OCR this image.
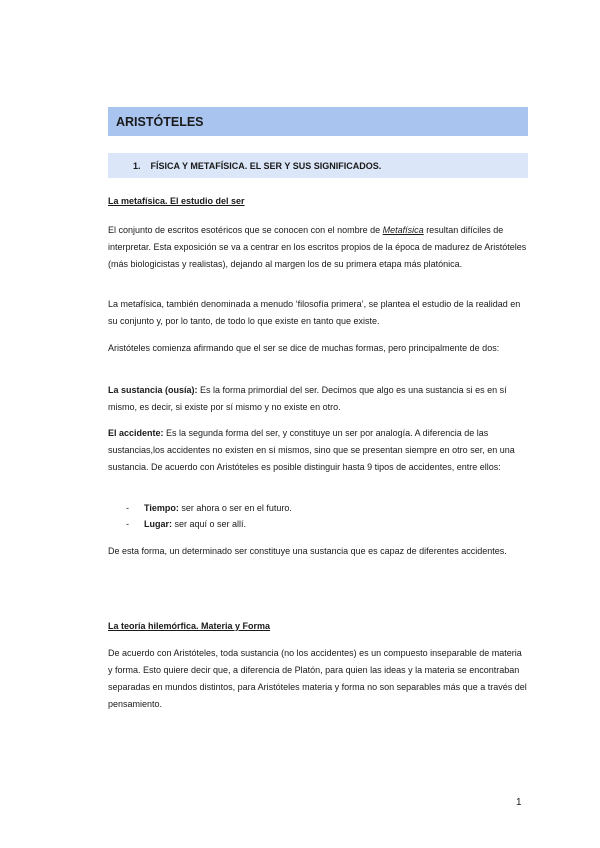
ARISTÓTELES
1. FÍSICA Y METAFÍSICA. EL SER Y SUS SIGNIFICADOS.
La metafísica. El estudio del ser
El conjunto de escritos esotéricos que se conocen con el nombre de Metafísica resultan difíciles de interpretar. Esta exposición se va a centrar en los escritos propios de la época de madurez de Aristóteles (más biologicistas y realistas), dejando al margen los de su primera etapa más platónica.
La metafísica, también denominada a menudo ‘filosofía primera’, se plantea el estudio de la realidad en su conjunto y, por lo tanto, de todo lo que existe en tanto que existe.
Aristóteles comienza afirmando que el ser se dice de muchas formas, pero principalmente de dos:
La sustancia (ousía): Es la forma primordial del ser. Decimos que algo es una sustancia si es en sí mismo, es decir, si existe por sí mismo y no existe en otro.
El accidente: Es la segunda forma del ser, y constituye un ser por analogía. A diferencia de las sustancias,los accidentes no existen en sí mismos, sino que se presentan siempre en otro ser, en una sustancia. De acuerdo con Aristóteles es posible distinguir hasta 9 tipos de accidentes, entre ellos:
- Tiempo: ser ahora o ser en el futuro.
- Lugar: ser aquí o ser allí.
De esta forma, un determinado ser constituye una sustancia que es capaz de diferentes accidentes.
La teoría hilemórfica. Materia y Forma
De acuerdo con Aristóteles, toda sustancia (no los accidentes) es un compuesto inseparable de materia y forma. Esto quiere decir que, a diferencia de Platón, para quien las ideas y la materia se encontraban separadas en mundos distintos, para Aristóteles materia y forma no son separables más que a través del pensamiento.
1
